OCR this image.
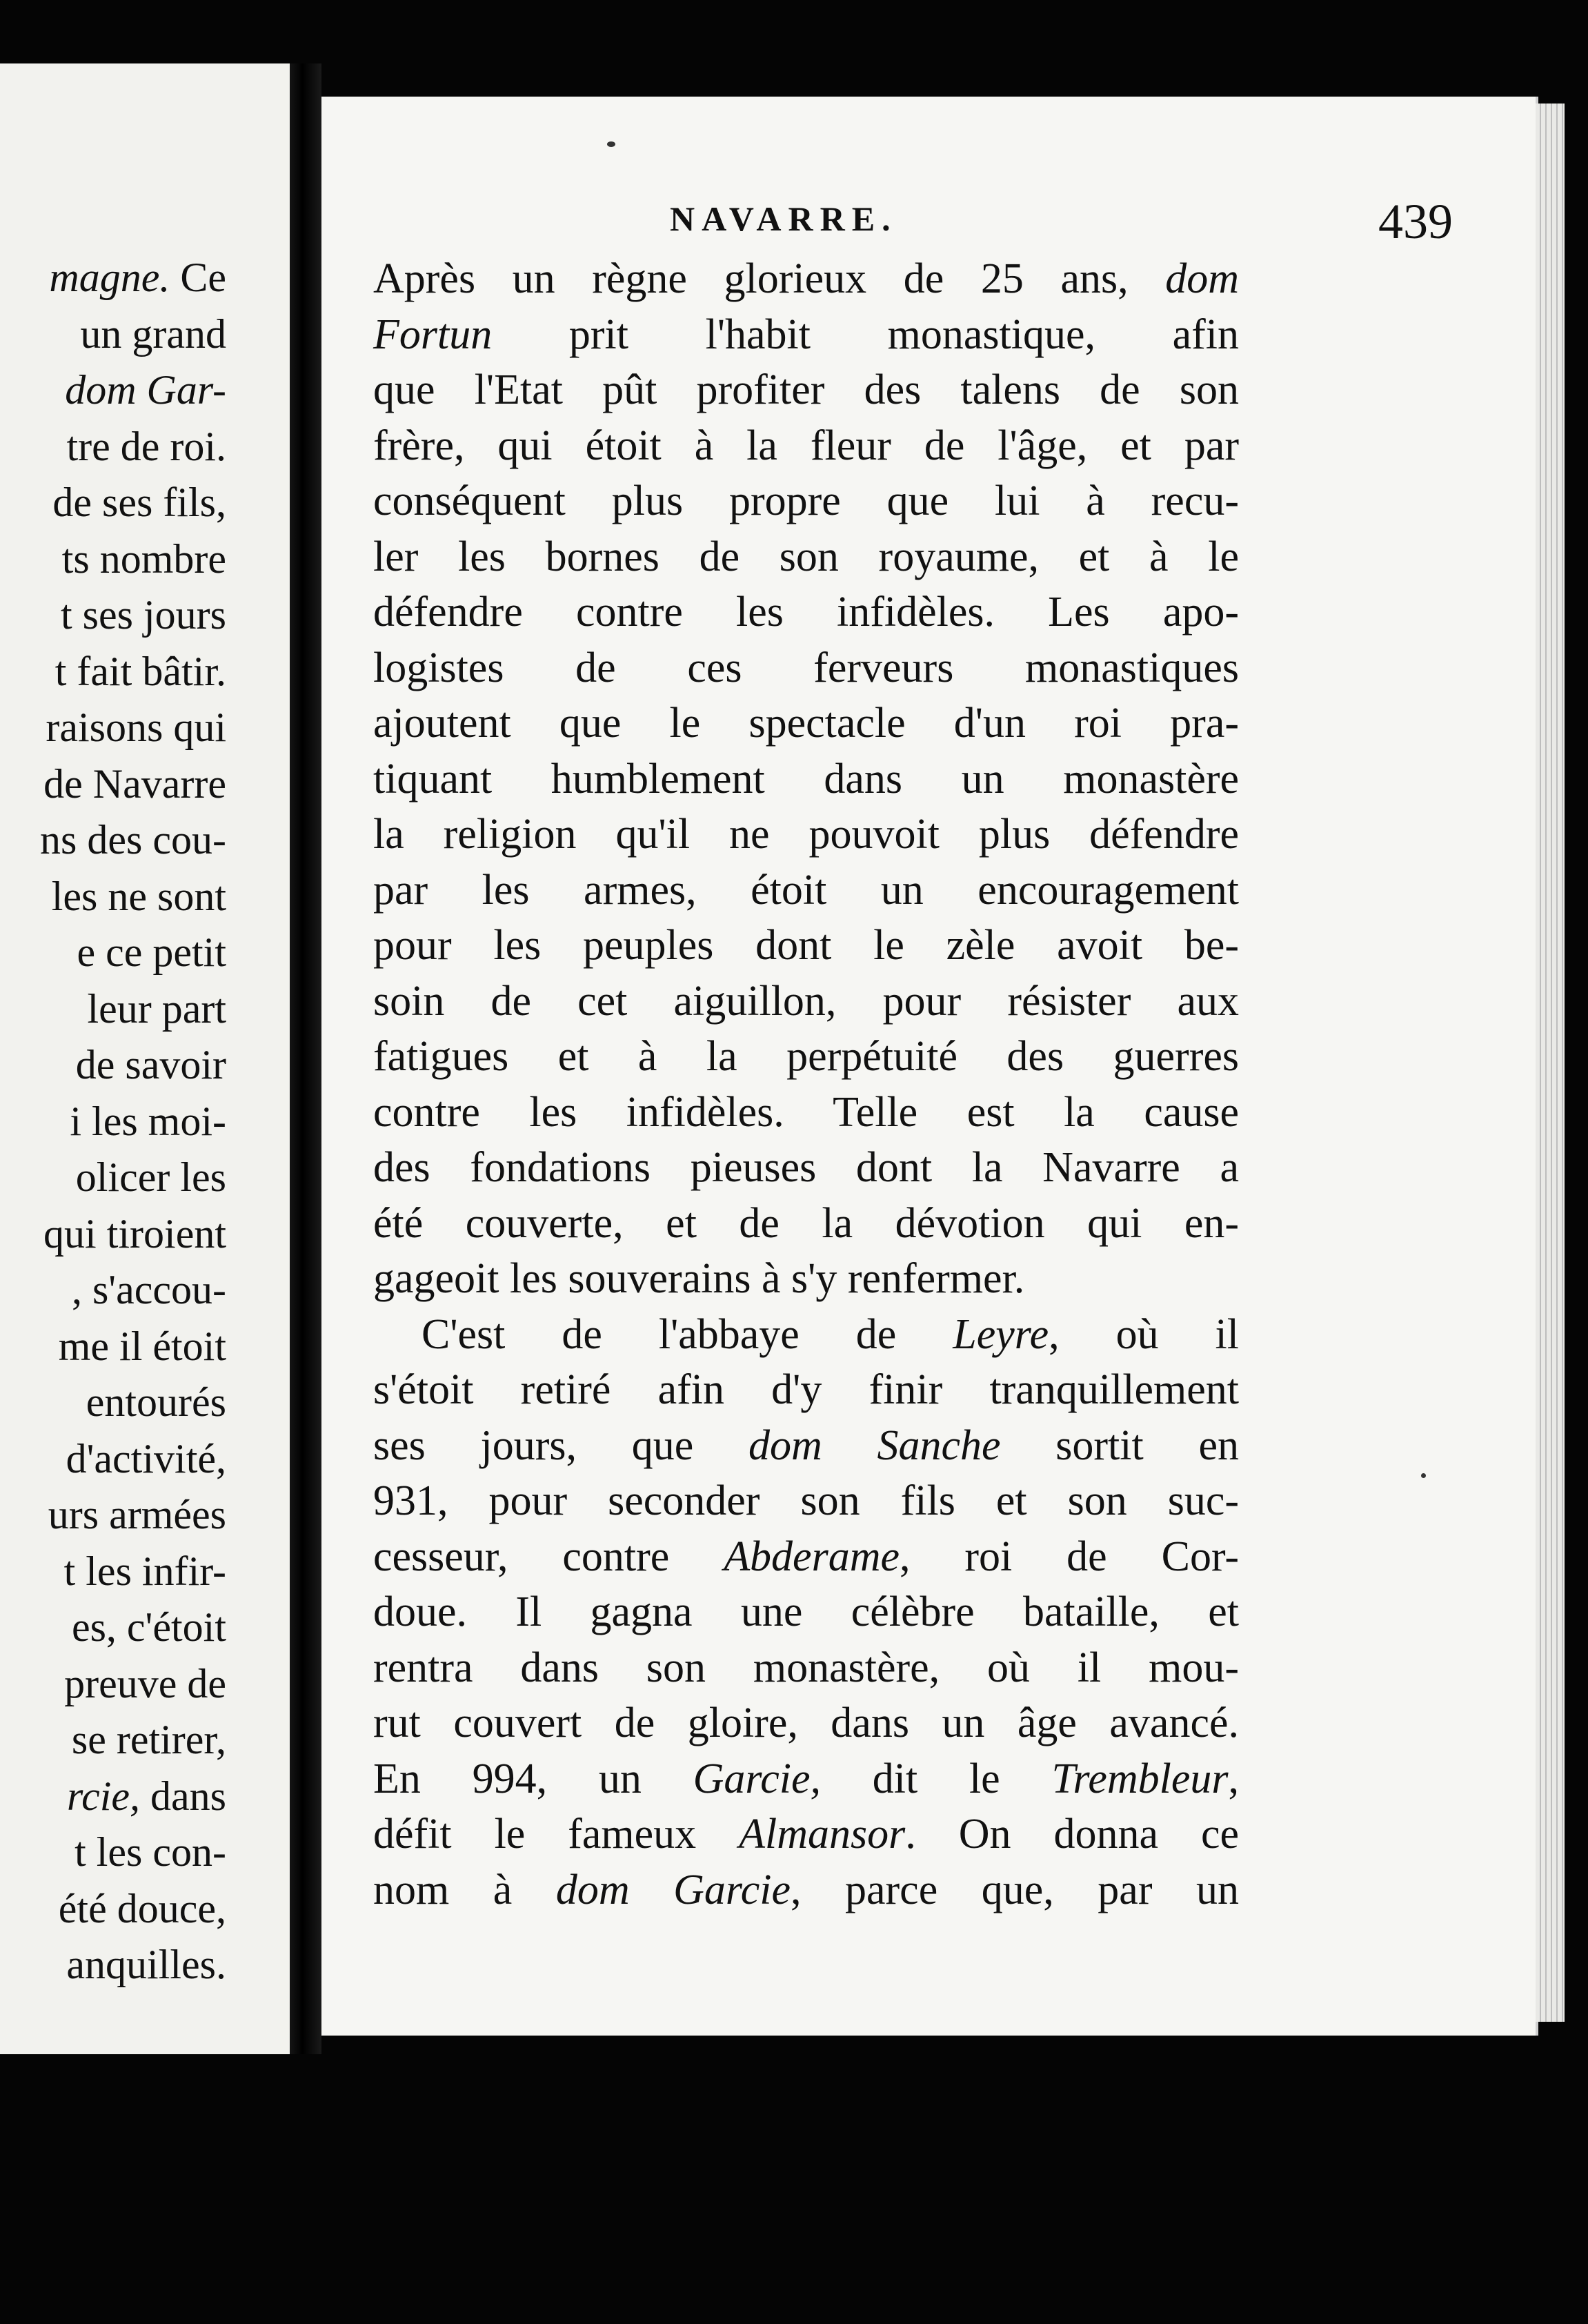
magne. Ce
un grand
dom Gar-
tre de roi.
de ses fils,
ts nombre
t ses jours
t fait bâtir.
raisons qui
de Navarre
ns des cou-
les ne sont
e ce petit
leur part
de savoir
i les moi-
olicer les
qui tiroient
, s'accou-
me il étoit
entourés
d'activité,
urs armées
t les infir-
es, c'étoit
preuve de
se retirer,
rcie, dans
t les con-
été douce,
anquilles.
NAVARRE.	439
Après un règne glorieux de 25 ans, dom
Fortun prit l'habit monastique, afin
que l'Etat pût profiter des talens de son
frère, qui étoit à la fleur de l'âge, et par
conséquent plus propre que lui à recu-
ler les bornes de son royaume, et à le
défendre contre les infidèles. Les apo-
logistes de ces ferveurs monastiques
ajoutent que le spectacle d'un roi pra-
tiquant humblement dans un monastère
la religion qu'il ne pouvoit plus défendre
par les armes, étoit un encouragement
pour les peuples dont le zèle avoit be-
soin de cet aiguillon, pour résister aux
fatigues et à la perpétuité des guerres
contre les infidèles. Telle est la cause
des fondations pieuses dont la Navarre a
été couverte, et de la dévotion qui en-
gageoit les souverains à s'y renfermer.
C'est de l'abbaye de Leyre, où il
s'étoit retiré afin d'y finir tranquillement
ses jours, que dom Sanche sortit en
931, pour seconder son fils et son suc-
cesseur, contre Abderame, roi de Cor-
doue. Il gagna une célèbre bataille, et
rentra dans son monastère, où il mou-
rut couvert de gloire, dans un âge avancé.
En 994, un Garcie, dit le Trembleur,
défit le fameux Almansor. On donna ce
nom à dom Garcie, parce que, par un
